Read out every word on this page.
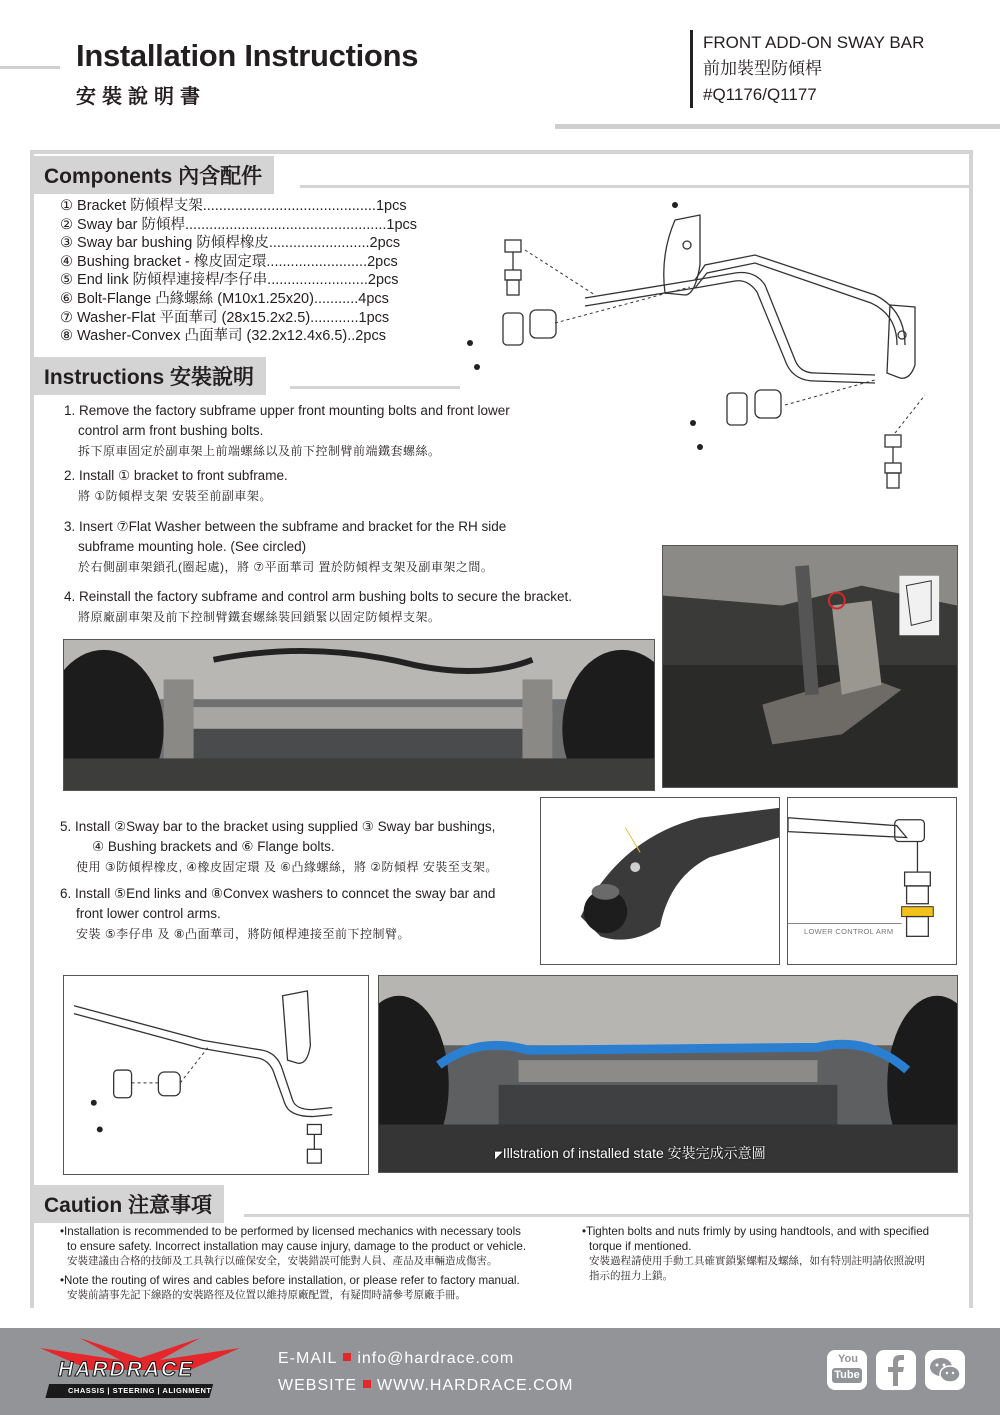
Installation Instructions
安裝說明書
FRONT ADD-ON SWAY BAR
前加裝型防傾桿
#Q1176/Q1177
Components 內含配件
① Bracket 防傾桿支架...........................................1pcs
② Sway bar 防傾桿..................................................1pcs
③ Sway bar bushing 防傾桿橡皮.........................2pcs
④ Bushing bracket - 橡皮固定環.........................2pcs
⑤ End link 防傾桿連接桿/李仔串.........................2pcs
⑥ Bolt-Flange 凸緣螺絲 (M10x1.25x20)...........4pcs
⑦ Washer-Flat 平面華司 (28x15.2x2.5)............1pcs
⑧ Washer-Convex 凸面華司 (32.2x12.4x6.5)..2pcs
Instructions 安裝說明
1. Remove the factory subframe upper front mounting bolts and front lower
control arm front bushing bolts.
拆下原車固定於副車架上前端螺絲以及前下控制臂前端鐵套螺絲。
2. Install ① bracket to front subframe.
將 ①防傾桿支架 安裝至前副車架。
3. Insert ⑦Flat Washer between the subframe and bracket for the RH side
subframe mounting hole. (See circled)
於右側副車架鎖孔(圈起處)，將 ⑦平面華司 置於防傾桿支架及副車架之間。
4. Reinstall the factory subframe and control arm bushing bolts to secure the bracket.
將原廠副車架及前下控制臂鐵套螺絲裝回鎖緊以固定防傾桿支架。
5. Install ②Sway bar to the bracket using supplied ③ Sway bar bushings,
④ Bushing brackets and ⑥ Flange bolts.
使用 ③防傾桿橡皮, ④橡皮固定環 及 ⑥凸緣螺絲，將 ②防傾桿 安裝至支架。
6. Install ⑤End links and ⑧Convex washers to conncet the sway bar and
front lower control arms.
安裝 ⑤李仔串 及 ⑧凸面華司，將防傾桿連接至前下控制臂。	LOWER CONTROL ARM
◤Illstration of installed state 安裝完成示意圖
Caution 注意事項
•Installation is recommended to be performed by licensed mechanics with necessary tools
to ensure safety. Incorrect installation may cause injury, damage to the product or vehicle.
安裝建議由合格的技師及工具執行以確保安全，安裝錯誤可能對人員、產品及車輛造成傷害。
•Note the routing of wires and cables before installation, or please refer to factory manual.
安裝前請事先記下線路的安裝路徑及位置以維持原廠配置，有疑問時請參考原廠手冊。
•Tighten bolts and nuts frimly by using handtools, and with specified
torque if mentioned.
安裝過程請使用手動工具確實鎖緊螺帽及螺絲，如有特別註明請依照說明
指示的扭力上鎖。
HARDRACE
CHASSIS | STEERING | ALIGNMENT
E-MAIL info@hardrace.com
WEBSITE WWW.HARDRACE.COM
You
Tube
